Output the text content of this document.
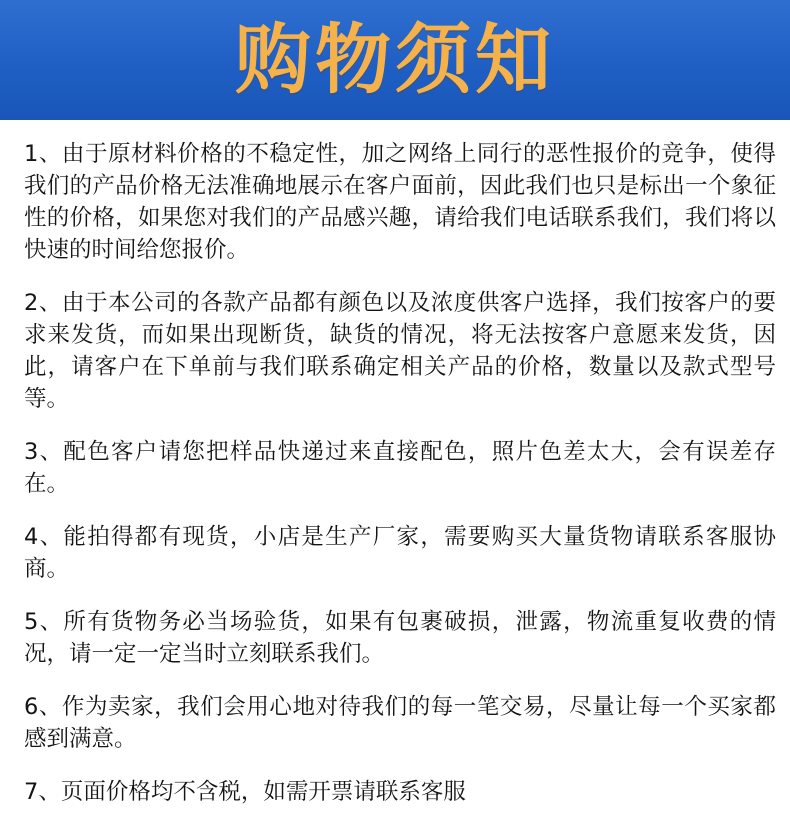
购物须知

1、由于原材料价格的不稳定性，加之网络上同行的恶性报价的竞争，使得我们的产品价格无法准确地展示在客户面前，因此我们也只是标出一个象征性的价格，如果您对我们的产品感兴趣，请给我们电话联系我们，我们将以快速的时间给您报价。

2、由于本公司的各款产品都有颜色以及浓度供客户选择，我们按客户的要求来发货，而如果出现断货，缺货的情况，将无法按客户意愿来发货，因此，请客户在下单前与我们联系确定相关产品的价格，数量以及款式型号等。

3、配色客户请您把样品快递过来直接配色，照片色差太大，会有误差存在。

4、能拍得都有现货，小店是生产厂家，需要购买大量货物请联系客服协商。

5、所有货物务必当场验货，如果有包裹破损，泄露，物流重复收费的情况，请一定一定当时立刻联系我们。

6、作为卖家，我们会用心地对待我们的每一笔交易，尽量让每一个买家都感到满意。

7、页面价格均不含税，如需开票请联系客服
